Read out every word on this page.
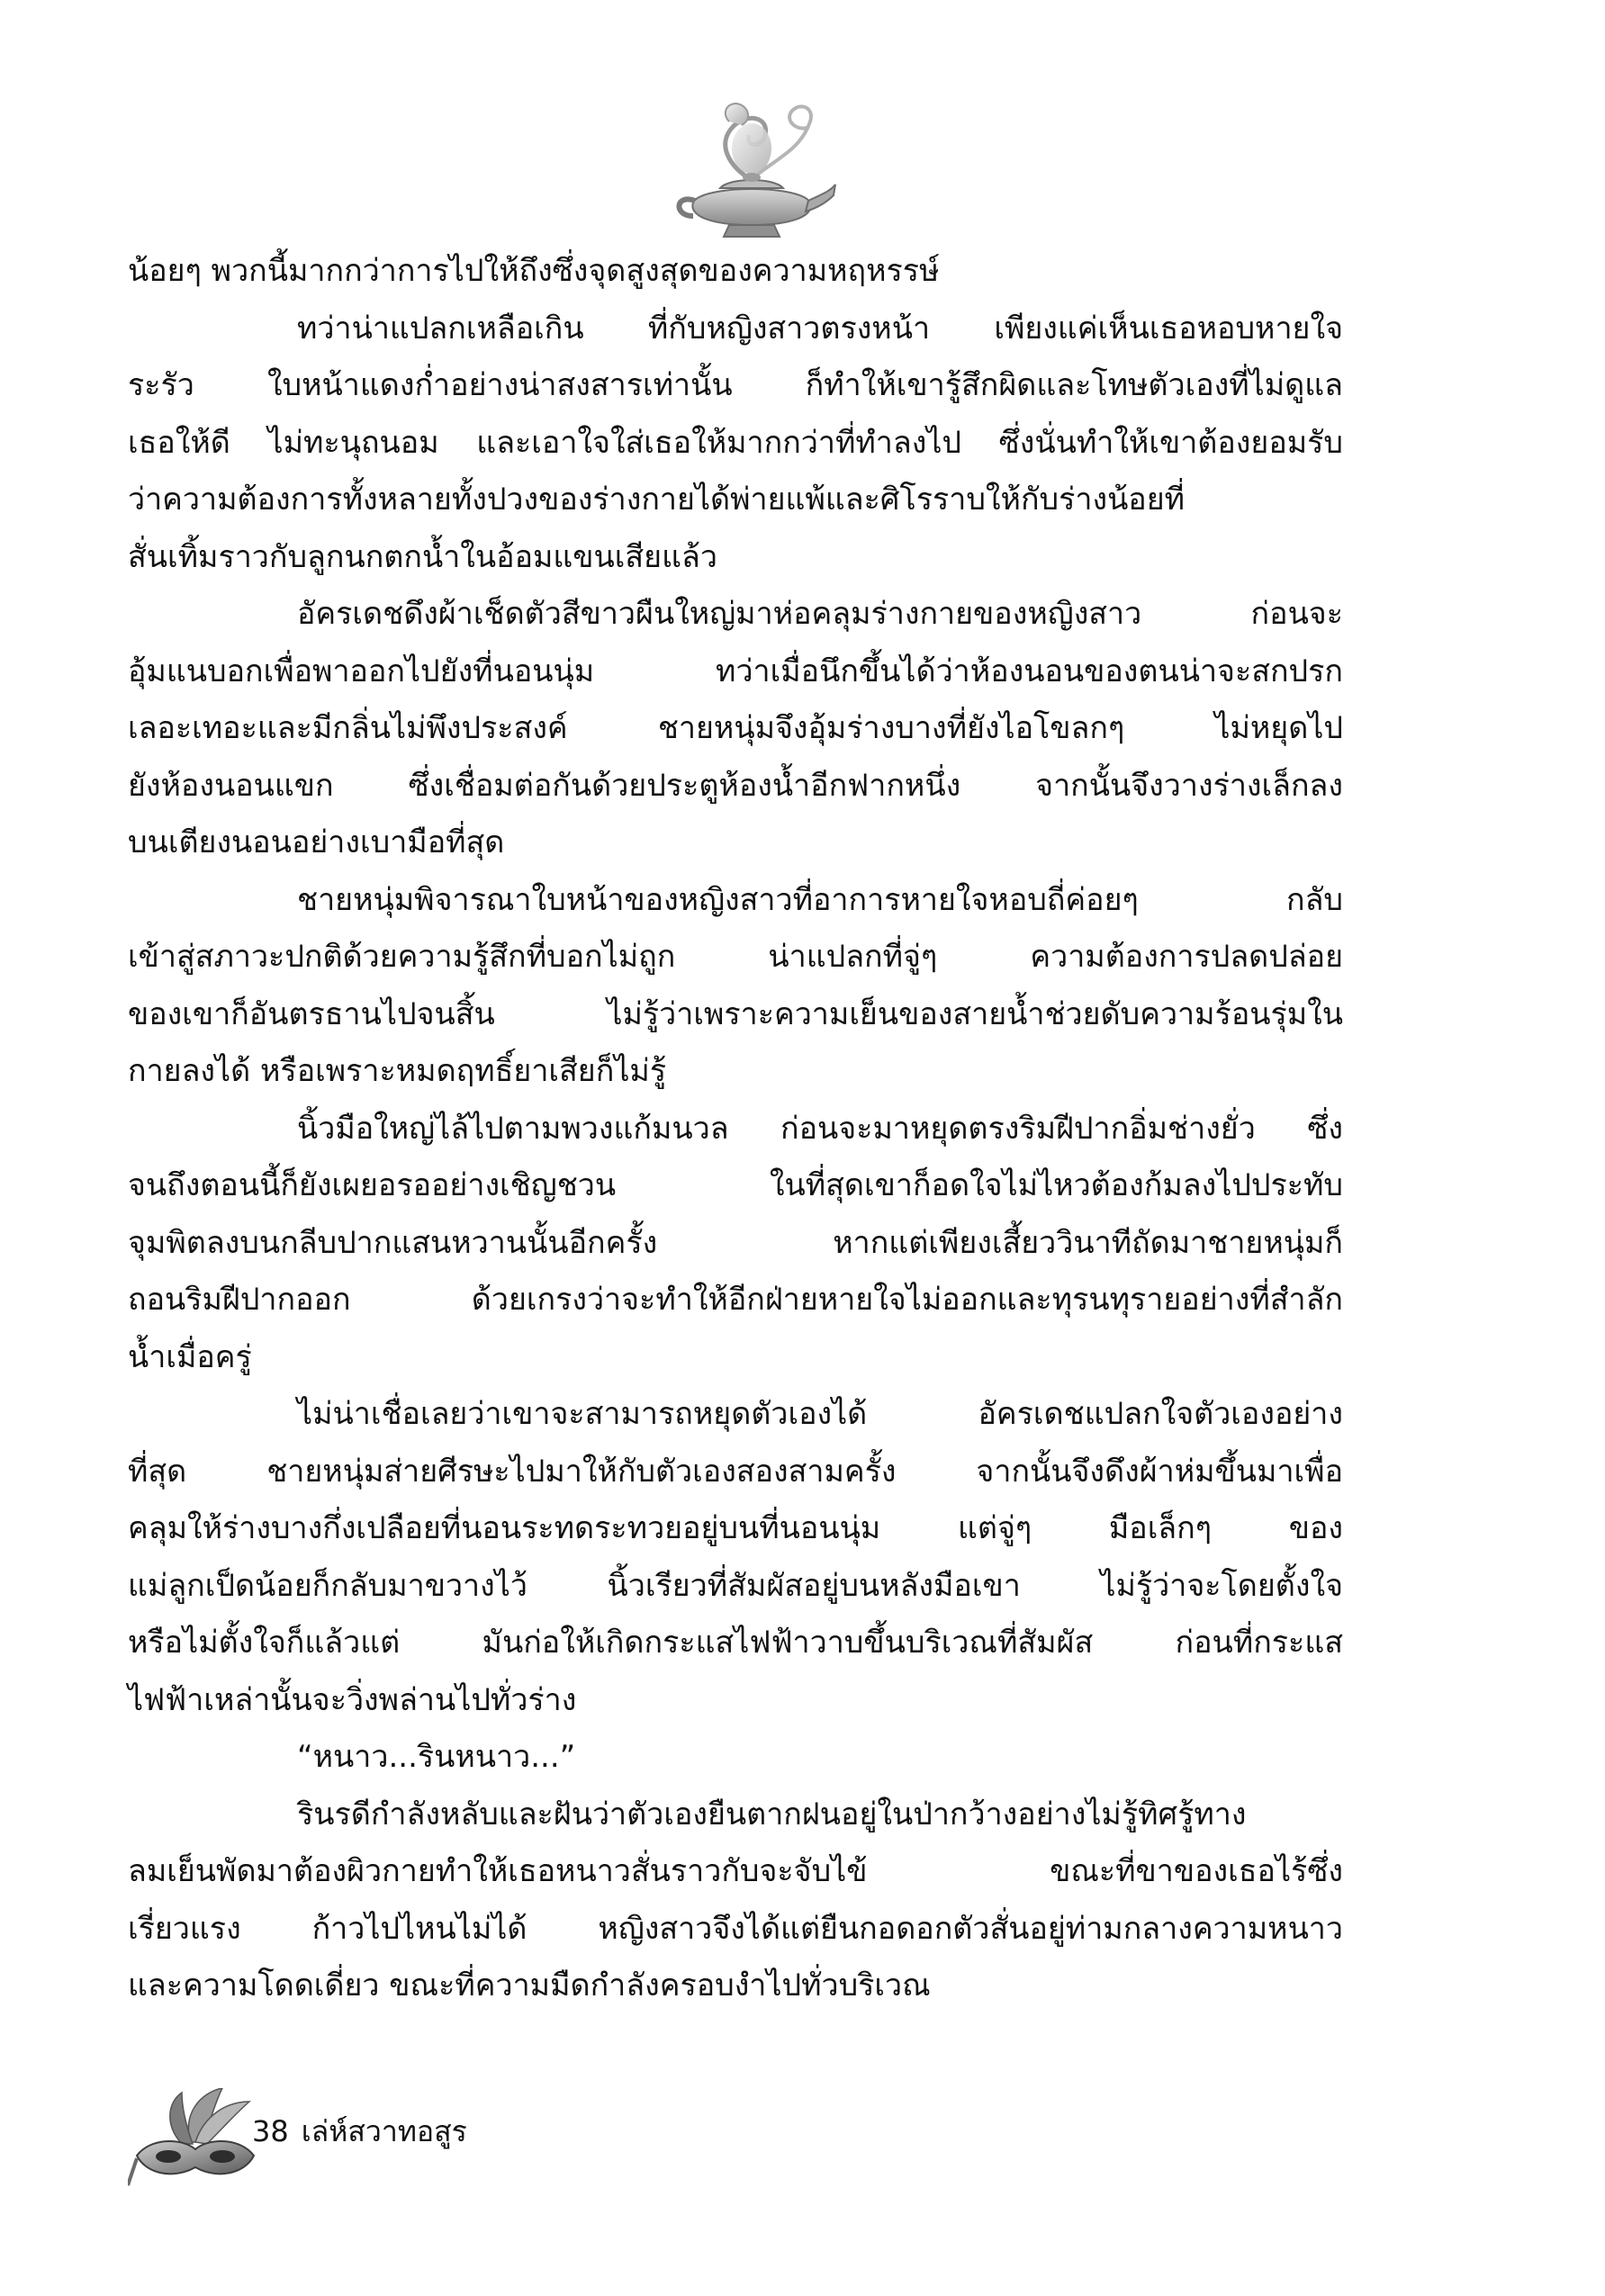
น้อยๆ พวกนี้มากกว่าการไปให้ถึงซึ่งจุดสูงสุดของความหฤหรรษ์
ทว่าน่าแปลกเหลือเกิน ที่กับหญิงสาวตรงหน้า เพียงแค่เห็นเธอหอบหายใจ
ระรัว ใบหน้าแดงก่ำอย่างน่าสงสารเท่านั้น ก็ทำให้เขารู้สึกผิดและโทษตัวเองที่ไม่ดูแล
เธอให้ดี ไม่ทะนุถนอม และเอาใจใส่เธอให้มากกว่าที่ทำลงไป ซึ่งนั่นทำให้เขาต้องยอมรับ
ว่าความต้องการทั้งหลายทั้งปวงของร่างกายได้พ่ายแพ้และศิโรราบให้กับร่างน้อยที่
สั่นเทิ้มราวกับลูกนกตกน้ำในอ้อมแขนเสียแล้ว
อัครเดชดึงผ้าเช็ดตัวสีขาวผืนใหญ่มาห่อคลุมร่างกายของหญิงสาว ก่อนจะ
อุ้มแนบอกเพื่อพาออกไปยังที่นอนนุ่ม ทว่าเมื่อนึกขึ้นได้ว่าห้องนอนของตนน่าจะสกปรก
เลอะเทอะและมีกลิ่นไม่พึงประสงค์ ชายหนุ่มจึงอุ้มร่างบางที่ยังไอโขลกๆ ไม่หยุดไป
ยังห้องนอนแขก ซึ่งเชื่อมต่อกันด้วยประตูห้องน้ำอีกฟากหนึ่ง จากนั้นจึงวางร่างเล็กลง
บนเตียงนอนอย่างเบามือที่สุด
ชายหนุ่มพิจารณาใบหน้าของหญิงสาวที่อาการหายใจหอบถี่ค่อยๆ กลับ
เข้าสู่สภาวะปกติด้วยความรู้สึกที่บอกไม่ถูก น่าแปลกที่จู่ๆ ความต้องการปลดปล่อย
ของเขาก็อันตรธานไปจนสิ้น ไม่รู้ว่าเพราะความเย็นของสายน้ำช่วยดับความร้อนรุ่มใน
กายลงได้ หรือเพราะหมดฤทธิ์ยาเสียก็ไม่รู้
นิ้วมือใหญ่ไล้ไปตามพวงแก้มนวล ก่อนจะมาหยุดตรงริมฝีปากอิ่มช่างยั่ว ซึ่ง
จนถึงตอนนี้ก็ยังเผยอรออย่างเชิญชวน ในที่สุดเขาก็อดใจไม่ไหวต้องก้มลงไปประทับ
จุมพิตลงบนกลีบปากแสนหวานนั้นอีกครั้ง หากแต่เพียงเสี้ยววินาทีถัดมาชายหนุ่มก็
ถอนริมฝีปากออก ด้วยเกรงว่าจะทำให้อีกฝ่ายหายใจไม่ออกและทุรนทุรายอย่างที่สำลัก
น้ำเมื่อครู่
ไม่น่าเชื่อเลยว่าเขาจะสามารถหยุดตัวเองได้ อัครเดชแปลกใจตัวเองอย่าง
ที่สุด ชายหนุ่มส่ายศีรษะไปมาให้กับตัวเองสองสามครั้ง จากนั้นจึงดึงผ้าห่มขึ้นมาเพื่อ
คลุมให้ร่างบางกึ่งเปลือยที่นอนระทดระทวยอยู่บนที่นอนนุ่ม แต่จู่ๆ มือเล็กๆ ของ
แม่ลูกเป็ดน้อยก็กลับมาขวางไว้ นิ้วเรียวที่สัมผัสอยู่บนหลังมือเขา ไม่รู้ว่าจะโดยตั้งใจ
หรือไม่ตั้งใจก็แล้วแต่ มันก่อให้เกิดกระแสไฟฟ้าวาบขึ้นบริเวณที่สัมผัส ก่อนที่กระแส
ไฟฟ้าเหล่านั้นจะวิ่งพล่านไปทั่วร่าง
“หนาว...รินหนาว...”
รินรดีกำลังหลับและฝันว่าตัวเองยืนตากฝนอยู่ในป่ากว้างอย่างไม่รู้ทิศรู้ทาง
ลมเย็นพัดมาต้องผิวกายทำให้เธอหนาวสั่นราวกับจะจับไข้ ขณะที่ขาของเธอไร้ซึ่ง
เรี่ยวแรง ก้าวไปไหนไม่ได้ หญิงสาวจึงได้แต่ยืนกอดอกตัวสั่นอยู่ท่ามกลางความหนาว
และความโดดเดี่ยว ขณะที่ความมืดกำลังครอบงำไปทั่วบริเวณ
38 เล่ห์สวาทอสูร
